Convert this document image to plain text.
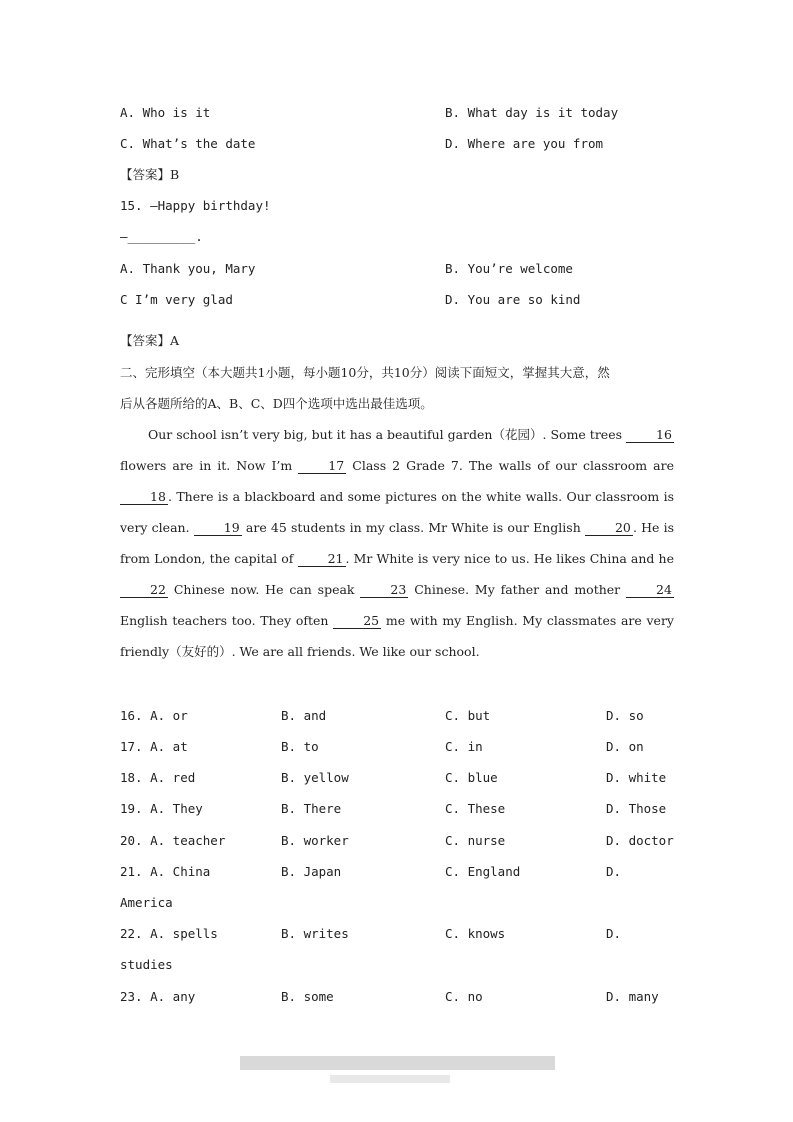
A. Who is it	B. What day is it today
C. What’s the date	D. Where are you from
【答案】B
15. —Happy birthday!
—_________.
A. Thank you, Mary	B. You’re welcome
C I’m very glad	D. You are so kind
【答案】A
二、完形填空（本大题共1小题，每小题10分，共10分）阅读下面短文，掌握其大意，然
后从各题所给的A、B、C、D四个选项中选出最佳选项。

Our school isn’t very big, but it has a beautiful garden（花园）. Some trees 16 flowers are in it. Now I’m 17 Class 2 Grade 7. The walls of our classroom are 18 . There is a blackboard and some pictures on the white walls. Our classroom is very clean. 19 are 45 students in my class. Mr White is our English 20 . He is from London, the capital of 21 . Mr White is very nice to us. He likes China and he 22 Chinese now. He can speak 23 Chinese. My father and mother 24 English teachers too. They often 25 me with my English. My classmates are very friendly（友好的）. We are all friends. We like our school.

16. A. or	B. and	C. but	D. so
17. A. at	B. to	C. in	D. on
18. A. red	B. yellow	C. blue	D. white
19. A. They	B. There	C. These	D. Those
20. A. teacher	B. worker	C. nurse	D. doctor
21. A. China	B. Japan	C. England	D.
America
22. A. spells	B. writes	C. knows	D.
studies
23. A. any	B. some	C. no	D. many
